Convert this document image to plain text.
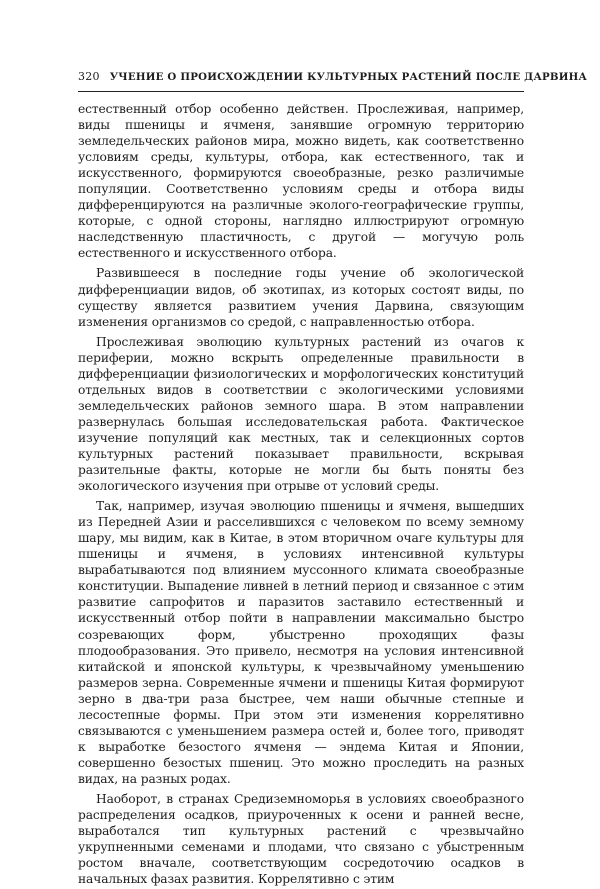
320 УЧЕНИЕ О ПРОИСХОЖДЕНИИ КУЛЬТУРНЫХ РАСТЕНИЙ ПОСЛЕ ДАРВИНА

естественный отбор особенно действен. Прослеживая, например, виды пшеницы и ячменя, занявшие огромную территорию земледельческих районов мира, можно видеть, как соответственно условиям среды, культуры, отбора, как естественного, так и искусственного, формируются своеобразные, резко различимые популяции. Соответственно условиям среды и отбора виды дифференцируются на различные эколого-географические группы, которые, с одной стороны, наглядно иллюстрируют огромную наследственную пластичность, с другой — могучую роль естественного и искусственного отбора.

Развившееся в последние годы учение об экологической дифференциации видов, об экотипах, из которых состоят виды, по существу является развитием учения Дарвина, связующим изменения организмов со средой, с направленностью отбора.

Прослеживая эволюцию культурных растений из очагов к периферии, можно вскрыть определенные правильности в дифференциации физиологических и морфологических конституций отдельных видов в соответствии с экологическими условиями земледельческих районов земного шара. В этом направлении развернулась большая исследовательская работа. Фактическое изучение популяций как местных, так и селекционных сортов культурных растений показывает правильности, вскрывая разительные факты, которые не могли бы быть поняты без экологического изучения при отрыве от условий среды.

Так, например, изучая эволюцию пшеницы и ячменя, вышедших из Передней Азии и расселившихся с человеком по всему земному шару, мы видим, как в Китае, в этом вторичном очаге культуры для пшеницы и ячменя, в условиях интенсивной культуры вырабатываются под влиянием муссонного климата своеобразные конституции. Выпадение ливней в летний период и связанное с этим развитие сапрофитов и паразитов заставило естественный и искусственный отбор пойти в направлении максимально быстро созревающих форм, убыстренно проходящих фазы плодообразования. Это привело, несмотря на условия интенсивной китайской и японской культуры, к чрезвычайному уменьшению размеров зерна. Современные ячмени и пшеницы Китая формируют зерно в два-три раза быстрее, чем наши обычные степные и лесостепные формы. При этом эти изменения коррелятивно связываются с уменьшением размера остей и, более того, приводят к выработке безостого ячменя — эндема Китая и Японии, совершенно безостых пшениц. Это можно проследить на разных видах, на разных родах.

Наоборот, в странах Средиземноморья в условиях своеобразного распределения осадков, приуроченных к осени и ранней весне, выработался тип культурных растений с чрезвычайно укрупненными семенами и плодами, что связано с убыстренным ростом вначале, соответствующим сосредоточию осадков в начальных фазах развития. Коррелятивно с этим
